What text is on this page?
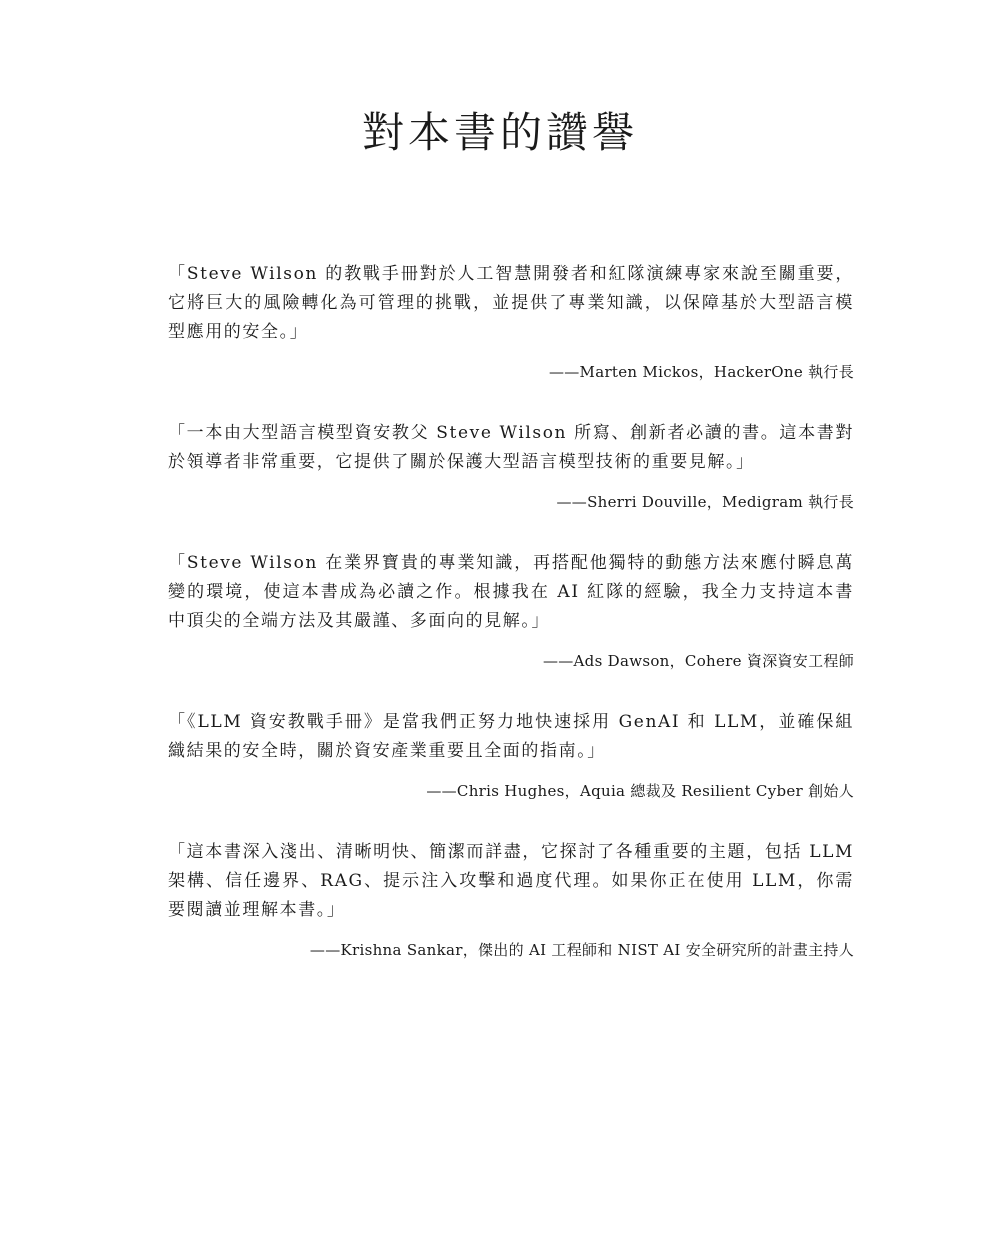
對本書的讚譽

「Steve Wilson 的教戰手冊對於人工智慧開發者和紅隊演練專家來說至關重要，它將巨大的風險轉化為可管理的挑戰，並提供了專業知識，以保障基於大型語言模型應用的安全。」

——Marten Mickos，HackerOne 執行長

「一本由大型語言模型資安教父 Steve Wilson 所寫、創新者必讀的書。這本書對於領導者非常重要，它提供了關於保護大型語言模型技術的重要見解。」

——Sherri Douville，Medigram 執行長

「Steve Wilson 在業界寶貴的專業知識，再搭配他獨特的動態方法來應付瞬息萬變的環境，使這本書成為必讀之作。根據我在 AI 紅隊的經驗，我全力支持這本書中頂尖的全端方法及其嚴謹、多面向的見解。」

——Ads Dawson，Cohere 資深資安工程師

「《LLM 資安教戰手冊》是當我們正努力地快速採用 GenAI 和 LLM，並確保組織結果的安全時，關於資安產業重要且全面的指南。」

——Chris Hughes，Aquia 總裁及 Resilient Cyber 創始人

「這本書深入淺出、清晰明快、簡潔而詳盡，它探討了各種重要的主題，包括 LLM 架構、信任邊界、RAG、提示注入攻擊和過度代理。如果你正在使用 LLM，你需要閱讀並理解本書。」

——Krishna Sankar，傑出的 AI 工程師和 NIST AI 安全研究所的計畫主持人
